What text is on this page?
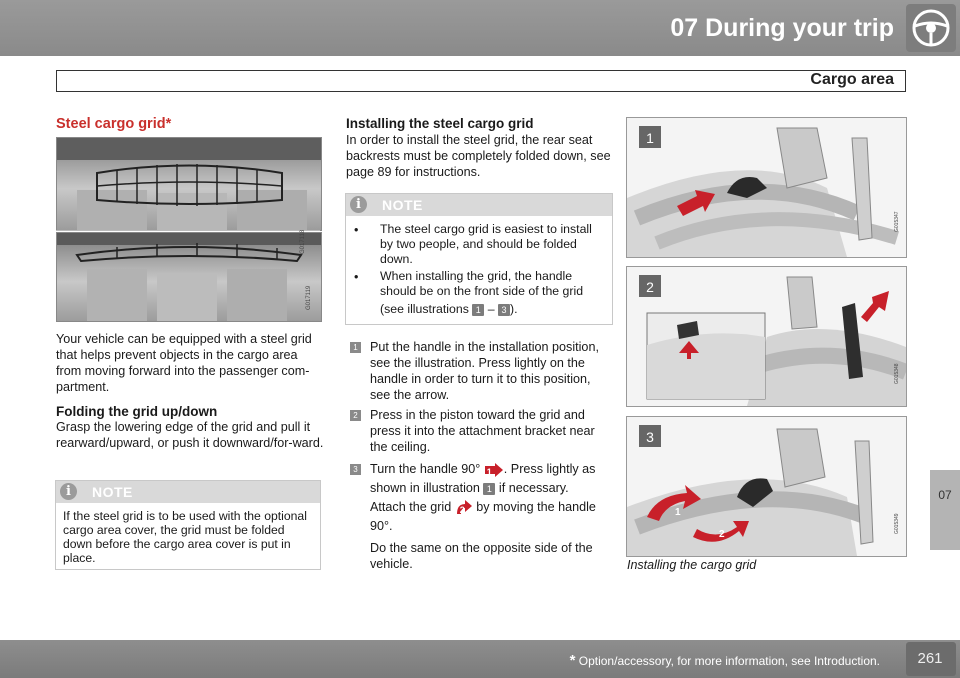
07 During your trip
Cargo area
07
Steel cargo grid*
G017118
G017119
Your vehicle can be equipped with a steel grid that helps prevent objects in the cargo area from moving forward into the passenger com-partment.
Folding the grid up/down
Grasp the lowering edge of the grid and pull it rearward/upward, or push it downward/for-ward.
i	NOTE
If the steel grid is to be used with the optional cargo area cover, the grid must be folded down before the cargo area cover is put in place.
Installing the steel cargo grid
In order to install the steel grid, the rear seat backrests must be completely folded down, see page 89 for instructions.
i	NOTE
• The steel cargo grid is easiest to install by two people, and should be folded down.
• When installing the grid, the handle should be on the front side of the grid
(see illustrations 1 – 3 ).
1 Put the handle in the installation position, see the illustration. Press lightly on the handle in order to turn it to this position, see the arrow.
2 Press in the piston toward the grid and press it into the attachment bracket near the ceiling.
3 Turn the handle 90° 1 . Press lightly as shown in illustration 1 if necessary.
Attach the grid 2 by moving the handle 90°.
Do the same on the opposite side of the vehicle.
1
G015347
2
G015348
3
1
2
G015349
Installing the cargo grid
* Option/accessory, for more information, see Introduction.	261
